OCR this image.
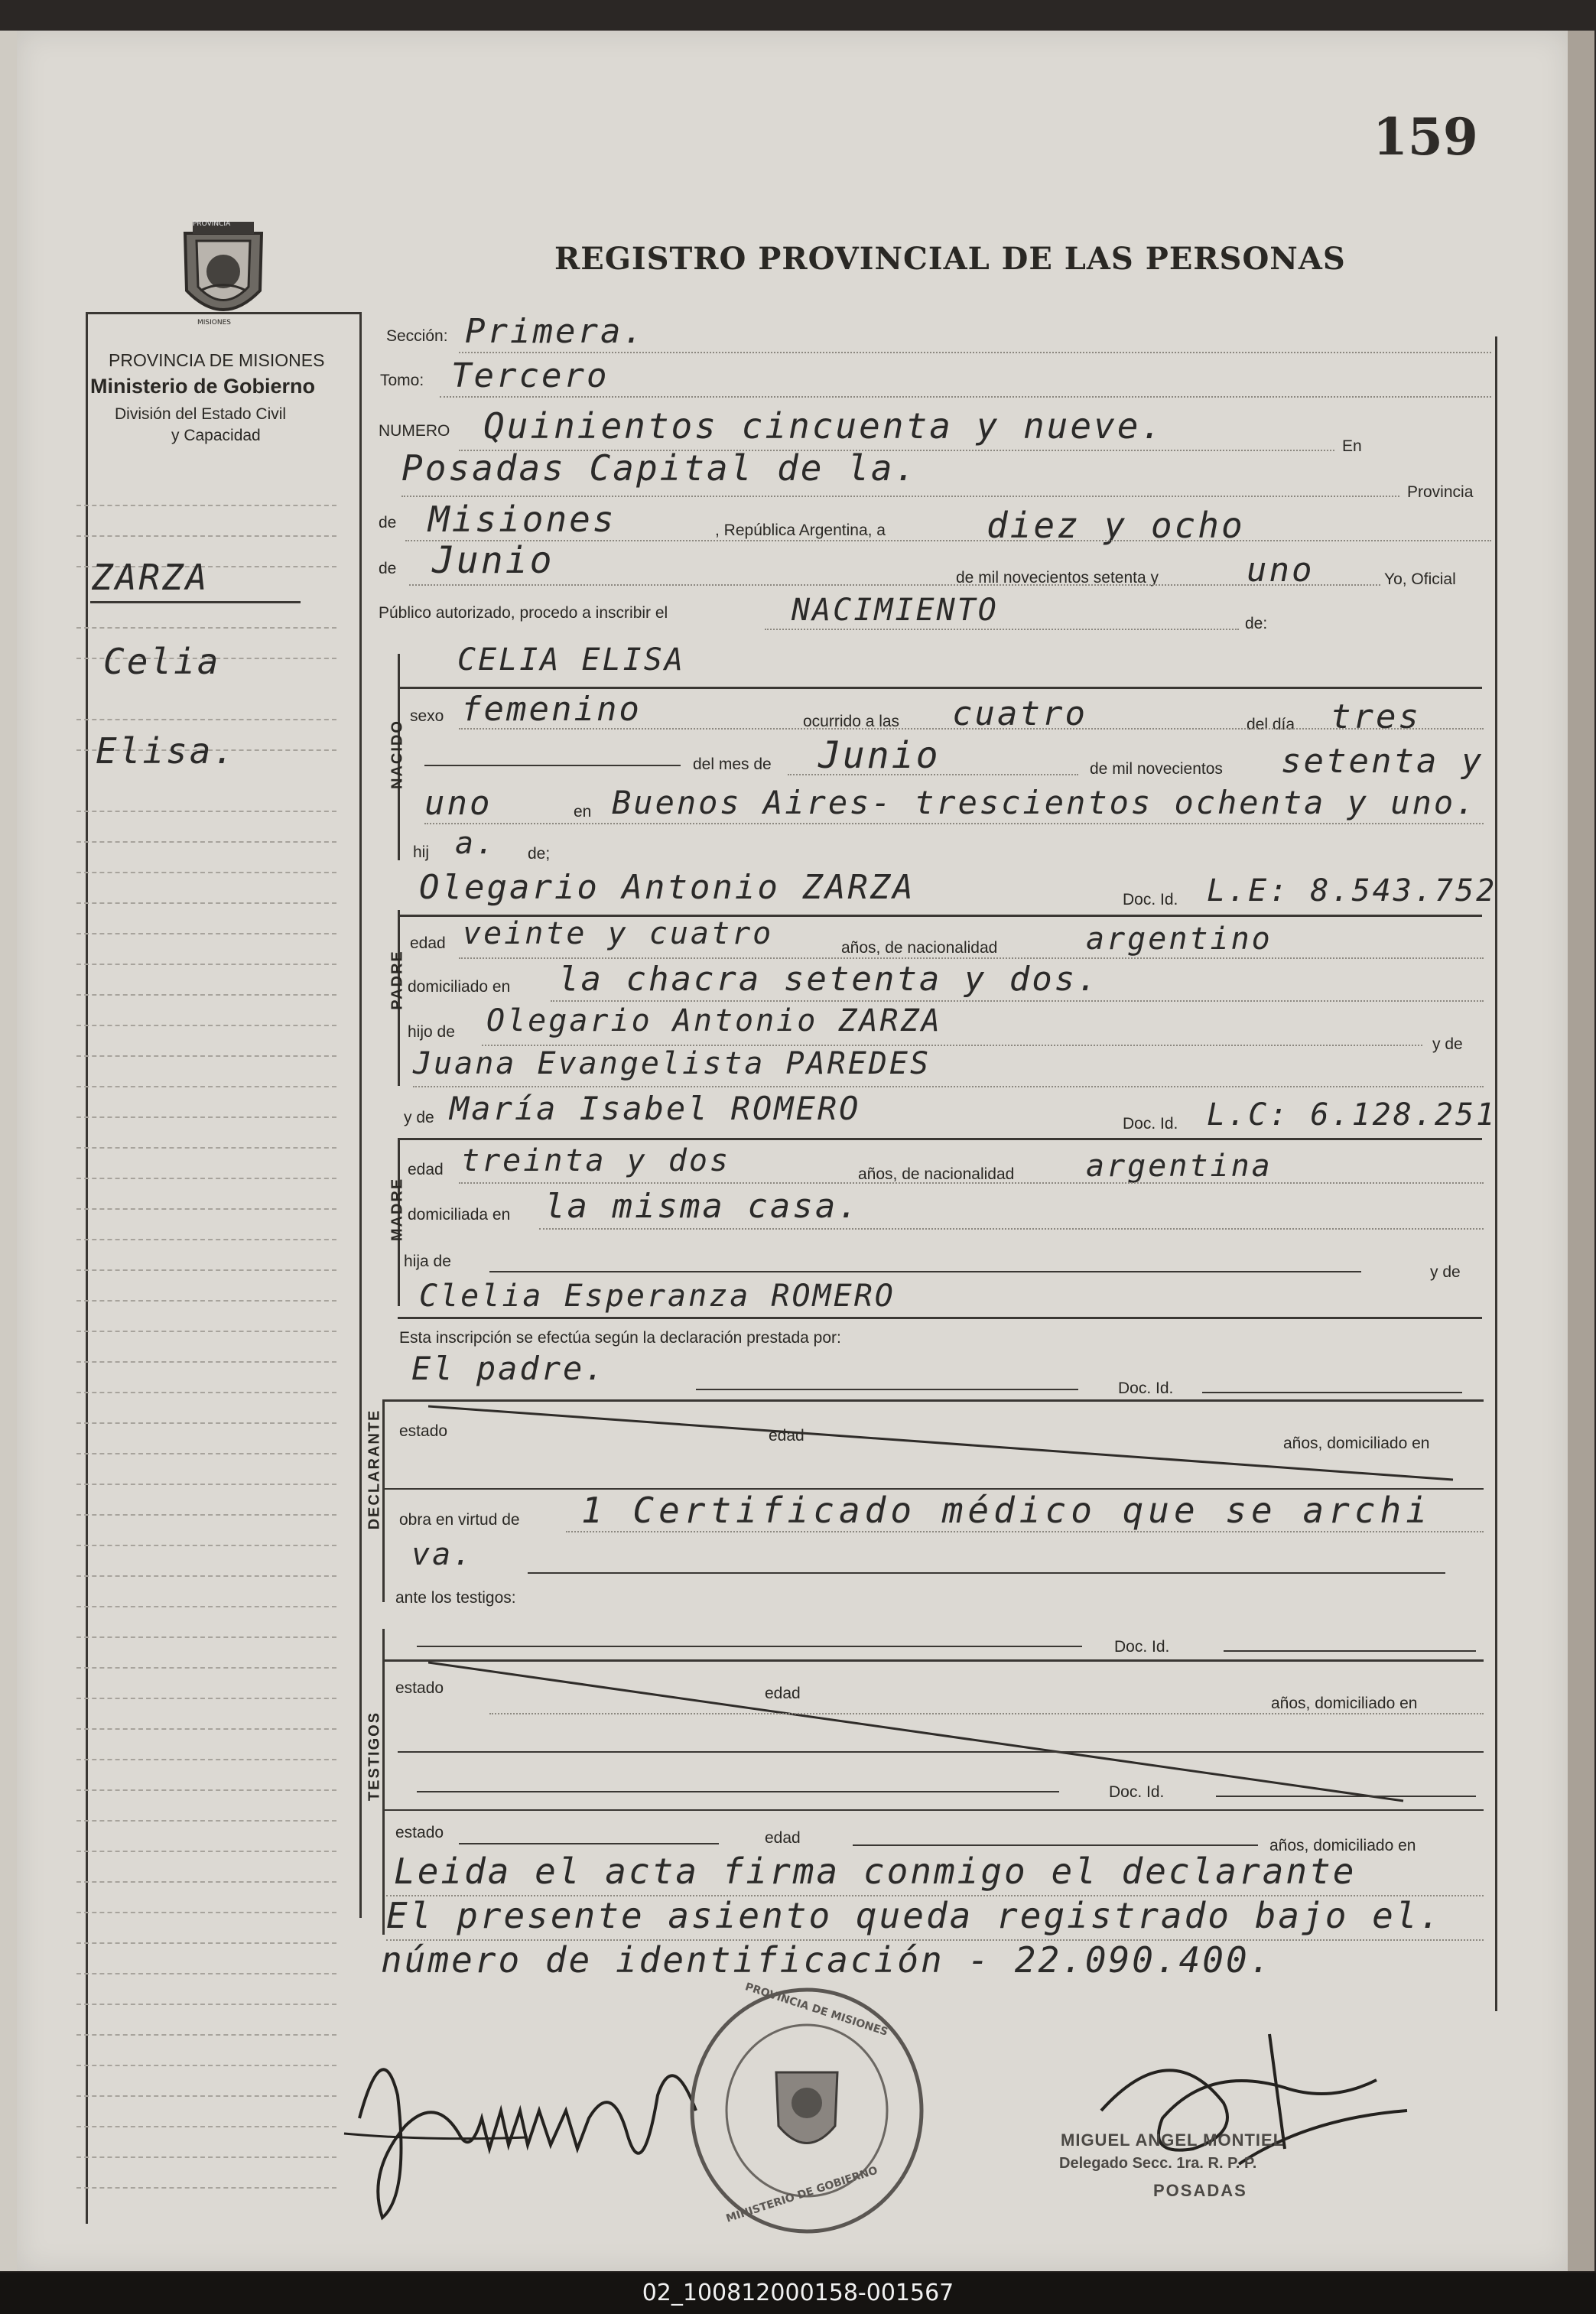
159
REGISTRO PROVINCIAL DE LAS PERSONAS
PROVINCIA
MISIONES
PROVINCIA DE MISIONES
Ministerio de Gobierno
División del Estado Civil
y Capacidad
ZARZA
Celia
Elisa.
Sección: Primera.
Tomo: Tercero
NUMERO Quinientos cincuenta y nueve.	En
Posadas Capital de la.
Provincia
de Misiones	, República Argentina, a	diez y ocho
de Junio	de mil novecientos setenta y	uno	Yo, Oficial
Público autorizado, procedo a inscribir el	NACIMIENTO	de:
NACIDO
CELIA ELISA
sexo femenino	ocurrido a las cuatro	del día tres
del mes de Junio	de mil novecientos setenta y
uno	en Buenos Aires- trescientos ochenta y uno.
hij a. de;
PADRE
Olegario Antonio ZARZA	Doc. Id. L.E: 8.543.752
edad veinte y cuatro	años, de nacionalidad	argentino
domiciliado en la chacra setenta y dos.
hijo de Olegario Antonio ZARZA
y de
Juana Evangelista PAREDES
y de María Isabel ROMERO	Doc. Id. L.C: 6.128.251
MADRE
edad treinta y dos	años, de nacionalidad argentina
domiciliada en la misma casa.
hija de
y de
Clelia Esperanza ROMERO
Esta inscripción se efectúa según la declaración prestada por:
DECLARANTE
El padre.
Doc. Id.
estado	edad	años, domiciliado en
obra en virtud de 1 Certificado médico que se archi
va.
ante los testigos:
TESTIGOS
Doc. Id.
estado	edad
años, domiciliado en
Doc. Id.
estado	edad	años, domiciliado en
Leida el acta firma conmigo el declarante
El presente asiento queda registrado bajo el.
número de identificación - 22.090.400.
MINISTERIO DE GOBIERNO
PROVINCIA DE MISIONES
MIGUEL ANGEL MONTIEL
Delegado Secc. 1ra. R. P. P.
POSADAS
02_100812000158-001567
